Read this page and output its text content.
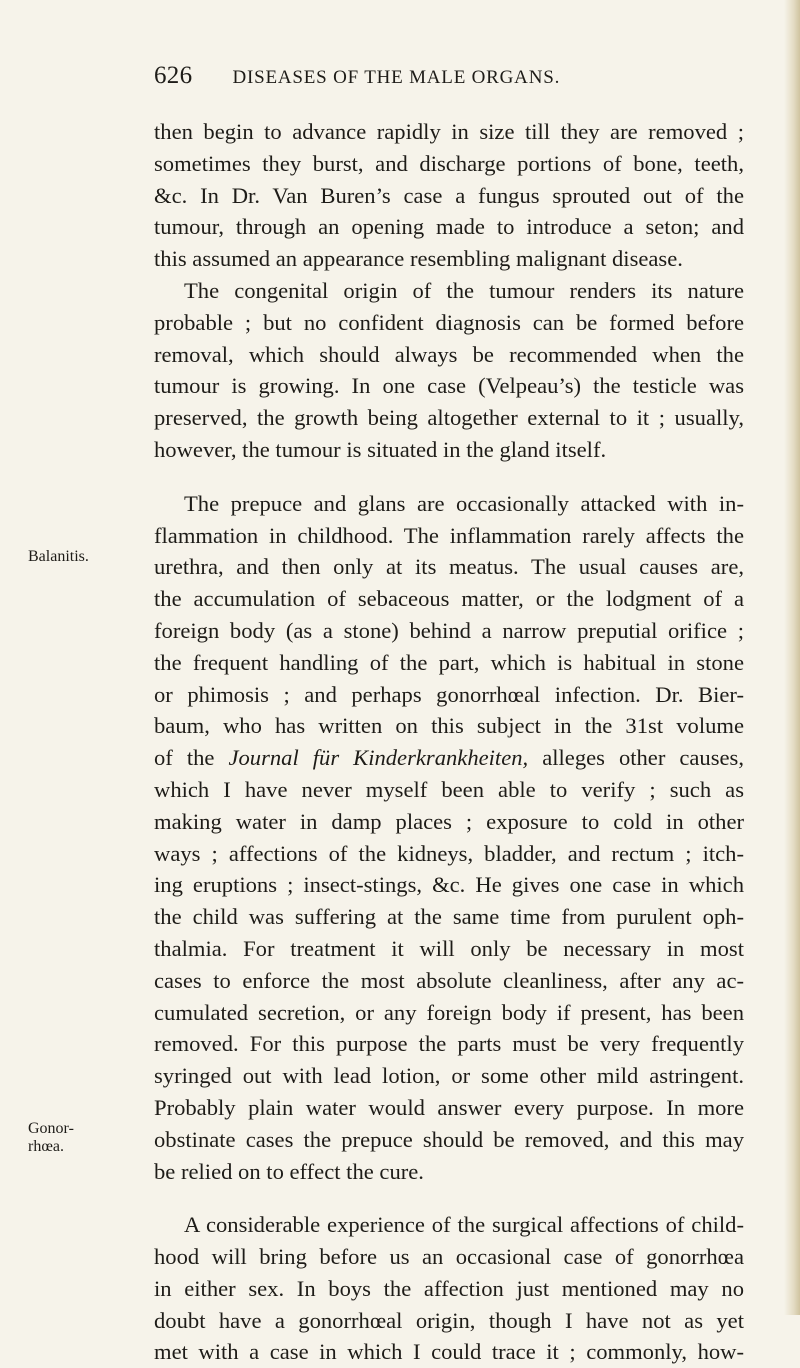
626 DISEASES OF THE MALE ORGANS.
Balanitis.
Gonor-
rhœa.
then begin to advance rapidly in size till they are removed ;
sometimes they burst, and discharge portions of bone, teeth,
&c. In Dr. Van Buren’s case a fungus sprouted out of the
tumour, through an opening made to introduce a seton; and
this assumed an appearance resembling malignant disease.
The congenital origin of the tumour renders its nature
probable ; but no confident diagnosis can be formed before
removal, which should always be recommended when the
tumour is growing. In one case (Velpeau’s) the testicle was
preserved, the growth being altogether external to it ; usually,
however, the tumour is situated in the gland itself.
The prepuce and glans are occasionally attacked with in-
flammation in childhood. The inflammation rarely affects the
urethra, and then only at its meatus. The usual causes are,
the accumulation of sebaceous matter, or the lodgment of a
foreign body (as a stone) behind a narrow preputial orifice ;
the frequent handling of the part, which is habitual in stone
or phimosis ; and perhaps gonorrhœal infection. Dr. Bier-
baum, who has written on this subject in the 31st volume
of the Journal für Kinderkrankheiten, alleges other causes,
which I have never myself been able to verify ; such as
making water in damp places ; exposure to cold in other
ways ; affections of the kidneys, bladder, and rectum ; itch-
ing eruptions ; insect-stings, &c. He gives one case in which
the child was suffering at the same time from purulent oph-
thalmia. For treatment it will only be necessary in most
cases to enforce the most absolute cleanliness, after any ac-
cumulated secretion, or any foreign body if present, has been
removed. For this purpose the parts must be very frequently
syringed out with lead lotion, or some other mild astringent.
Probably plain water would answer every purpose. In more
obstinate cases the prepuce should be removed, and this may
be relied on to effect the cure.
A considerable experience of the surgical affections of child-
hood will bring before us an occasional case of gonorrhœa
in either sex. In boys the affection just mentioned may no
doubt have a gonorrhœal origin, though I have not as yet
met with a case in which I could trace it ; commonly, how-
